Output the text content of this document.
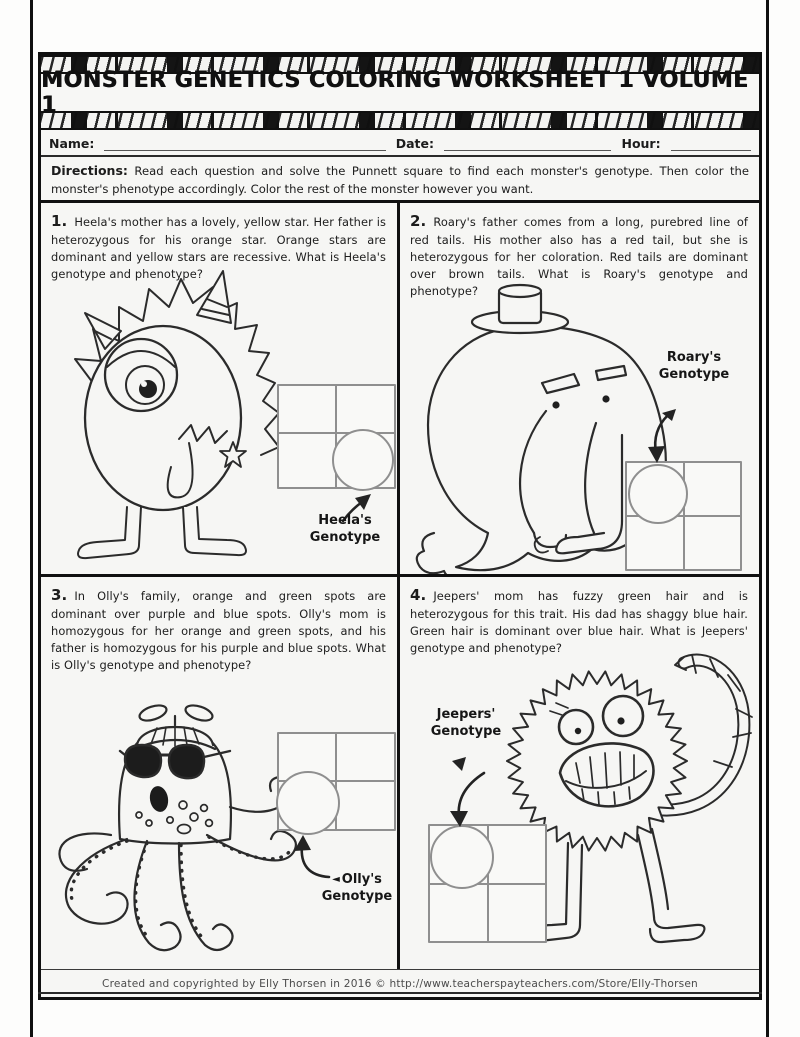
MONSTER GENETICS COLORING WORKSHEET 1 VOLUME 1
Name:	Date:	Hour:
Directions: Read each question and solve the Punnett square to find each monster's genotype. Then color the monster's phenotype accordingly. Color the rest of the monster however you want.

1. Heela's mother has a lovely, yellow star. Her father is heterozygous for his orange star. Orange stars are dominant and yellow stars are recessive. What is Heela's genotype and phenotype?

Heela's
Genotype

2. Roary's father comes from a long, purebred line of red tails. His mother also has a red tail, but she is heterozygous for her coloration. Red tails are dominant over brown tails. What is Roary's genotype and phenotype?

Roary's
Genotype

3. In Olly's family, orange and green spots are dominant over purple and blue spots. Olly's mom is homozygous for her orange and green spots, and his father is homozygous for his purple and blue spots. What is Olly's genotype and phenotype?

◄ Olly's
Genotype

4. Jeepers' mom has fuzzy green hair and is heterozygous for this trait. His dad has shaggy blue hair. Green hair is dominant over blue hair. What is Jeepers' genotype and phenotype?

Jeepers'
Genotype
Created and copyrighted by Elly Thorsen in 2016 © http://www.teacherspayteachers.com/Store/Elly-Thorsen
